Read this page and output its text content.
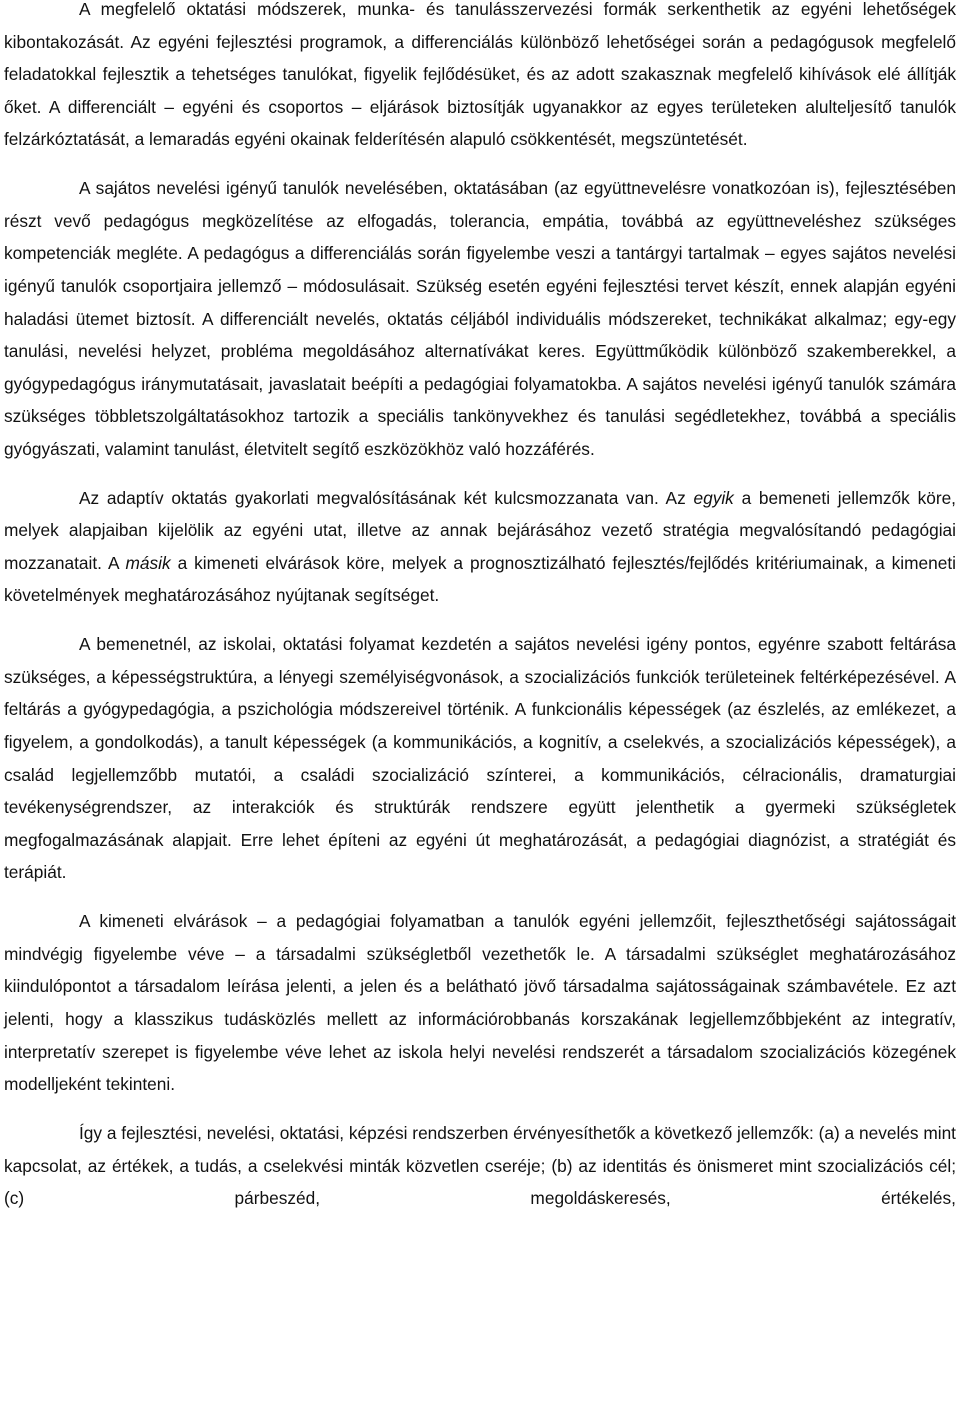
A megfelelő oktatási módszerek, munka- és tanulásszervezési formák serkenthetik az egyéni lehetőségek kibontakozását. Az egyéni fejlesztési programok, a differenciálás különböző lehetőségei során a pedagógusok megfelelő feladatokkal fejlesztik a tehetséges tanulókat, figyelik fejlődésüket, és az adott szakasznak megfelelő kihívások elé állítják őket. A differenciált – egyéni és csoportos – eljárások biztosítják ugyanakkor az egyes területeken alulteljesítő tanulók felzárkóztatását, a lemaradás egyéni okainak felderítésén alapuló csökkentését, megszüntetését.

A sajátos nevelési igényű tanulók nevelésében, oktatásában (az együttnevelésre vonatkozóan is), fejlesztésében részt vevő pedagógus megközelítése az elfogadás, tolerancia, empátia, továbbá az együttneveléshez szükséges kompetenciák megléte. A pedagógus a differenciálás során figyelembe veszi a tantárgyi tartalmak – egyes sajátos nevelési igényű tanulók csoportjaira jellemző – módosulásait. Szükség esetén egyéni fejlesztési tervet készít, ennek alapján egyéni haladási ütemet biztosít. A differenciált nevelés, oktatás céljából individuális módszereket, technikákat alkalmaz; egy-egy tanulási, nevelési helyzet, probléma megoldásához alternatívákat keres. Együttműködik különböző szakemberekkel, a gyógypedagógus iránymutatásait, javaslatait beépíti a pedagógiai folyamatokba. A sajátos nevelési igényű tanulók számára szükséges többletszolgáltatásokhoz tartozik a speciális tankönyvekhez és tanulási segédletekhez, továbbá a speciális gyógyászati, valamint tanulást, életvitelt segítő eszközökhöz való hozzáférés.

Az adaptív oktatás gyakorlati megvalósításának két kulcsmozzanata van. Az egyik a bemeneti jellemzők köre, melyek alapjaiban kijelölik az egyéni utat, illetve az annak bejárásához vezető stratégia megvalósítandó pedagógiai mozzanatait. A másik a kimeneti elvárások köre, melyek a prognosztizálható fejlesztés/fejlődés kritériumainak, a kimeneti követelmények meghatározásához nyújtanak segítséget.

A bemenetnél, az iskolai, oktatási folyamat kezdetén a sajátos nevelési igény pontos, egyénre szabott feltárása szükséges, a képességstruktúra, a lényegi személyiségvonások, a szocializációs funkciók területeinek feltérképezésével. A feltárás a gyógypedagógia, a pszichológia módszereivel történik. A funkcionális képességek (az észlelés, az emlékezet, a figyelem, a gondolkodás), a tanult képességek (a kommunikációs, a kognitív, a cselekvés, a szocializációs képességek), a család legjellemzőbb mutatói, a családi szocializáció színterei, a kommunikációs, célracionális, dramaturgiai tevékenységrendszer, az interakciók és struktúrák rendszere együtt jelenthetik a gyermeki szükségletek megfogalmazásának alapjait. Erre lehet építeni az egyéni út meghatározását, a pedagógiai diagnózist, a stratégiát és terápiát.

A kimeneti elvárások – a pedagógiai folyamatban a tanulók egyéni jellemzőit, fejleszthetőségi sajátosságait mindvégig figyelembe véve – a társadalmi szükségletből vezethetők le. A társadalmi szükséglet meghatározásához kiindulópontot a társadalom leírása jelenti, a jelen és a belátható jövő társadalma sajátosságainak számbavétele. Ez azt jelenti, hogy a klasszikus tudásközlés mellett az információrobbanás korszakának legjellemzőbbjeként az integratív, interpretatív szerepet is figyelembe véve lehet az iskola helyi nevelési rendszerét a társadalom szocializációs közegének modelljeként tekinteni.

Így a fejlesztési, nevelési, oktatási, képzési rendszerben érvényesíthetők a következő jellemzők: (a) a nevelés mint kapcsolat, az értékek, a tudás, a cselekvési minták közvetlen cseréje; (b) az identitás és önismeret mint szocializációs cél; (c) párbeszéd, megoldáskeresés, értékelés,
